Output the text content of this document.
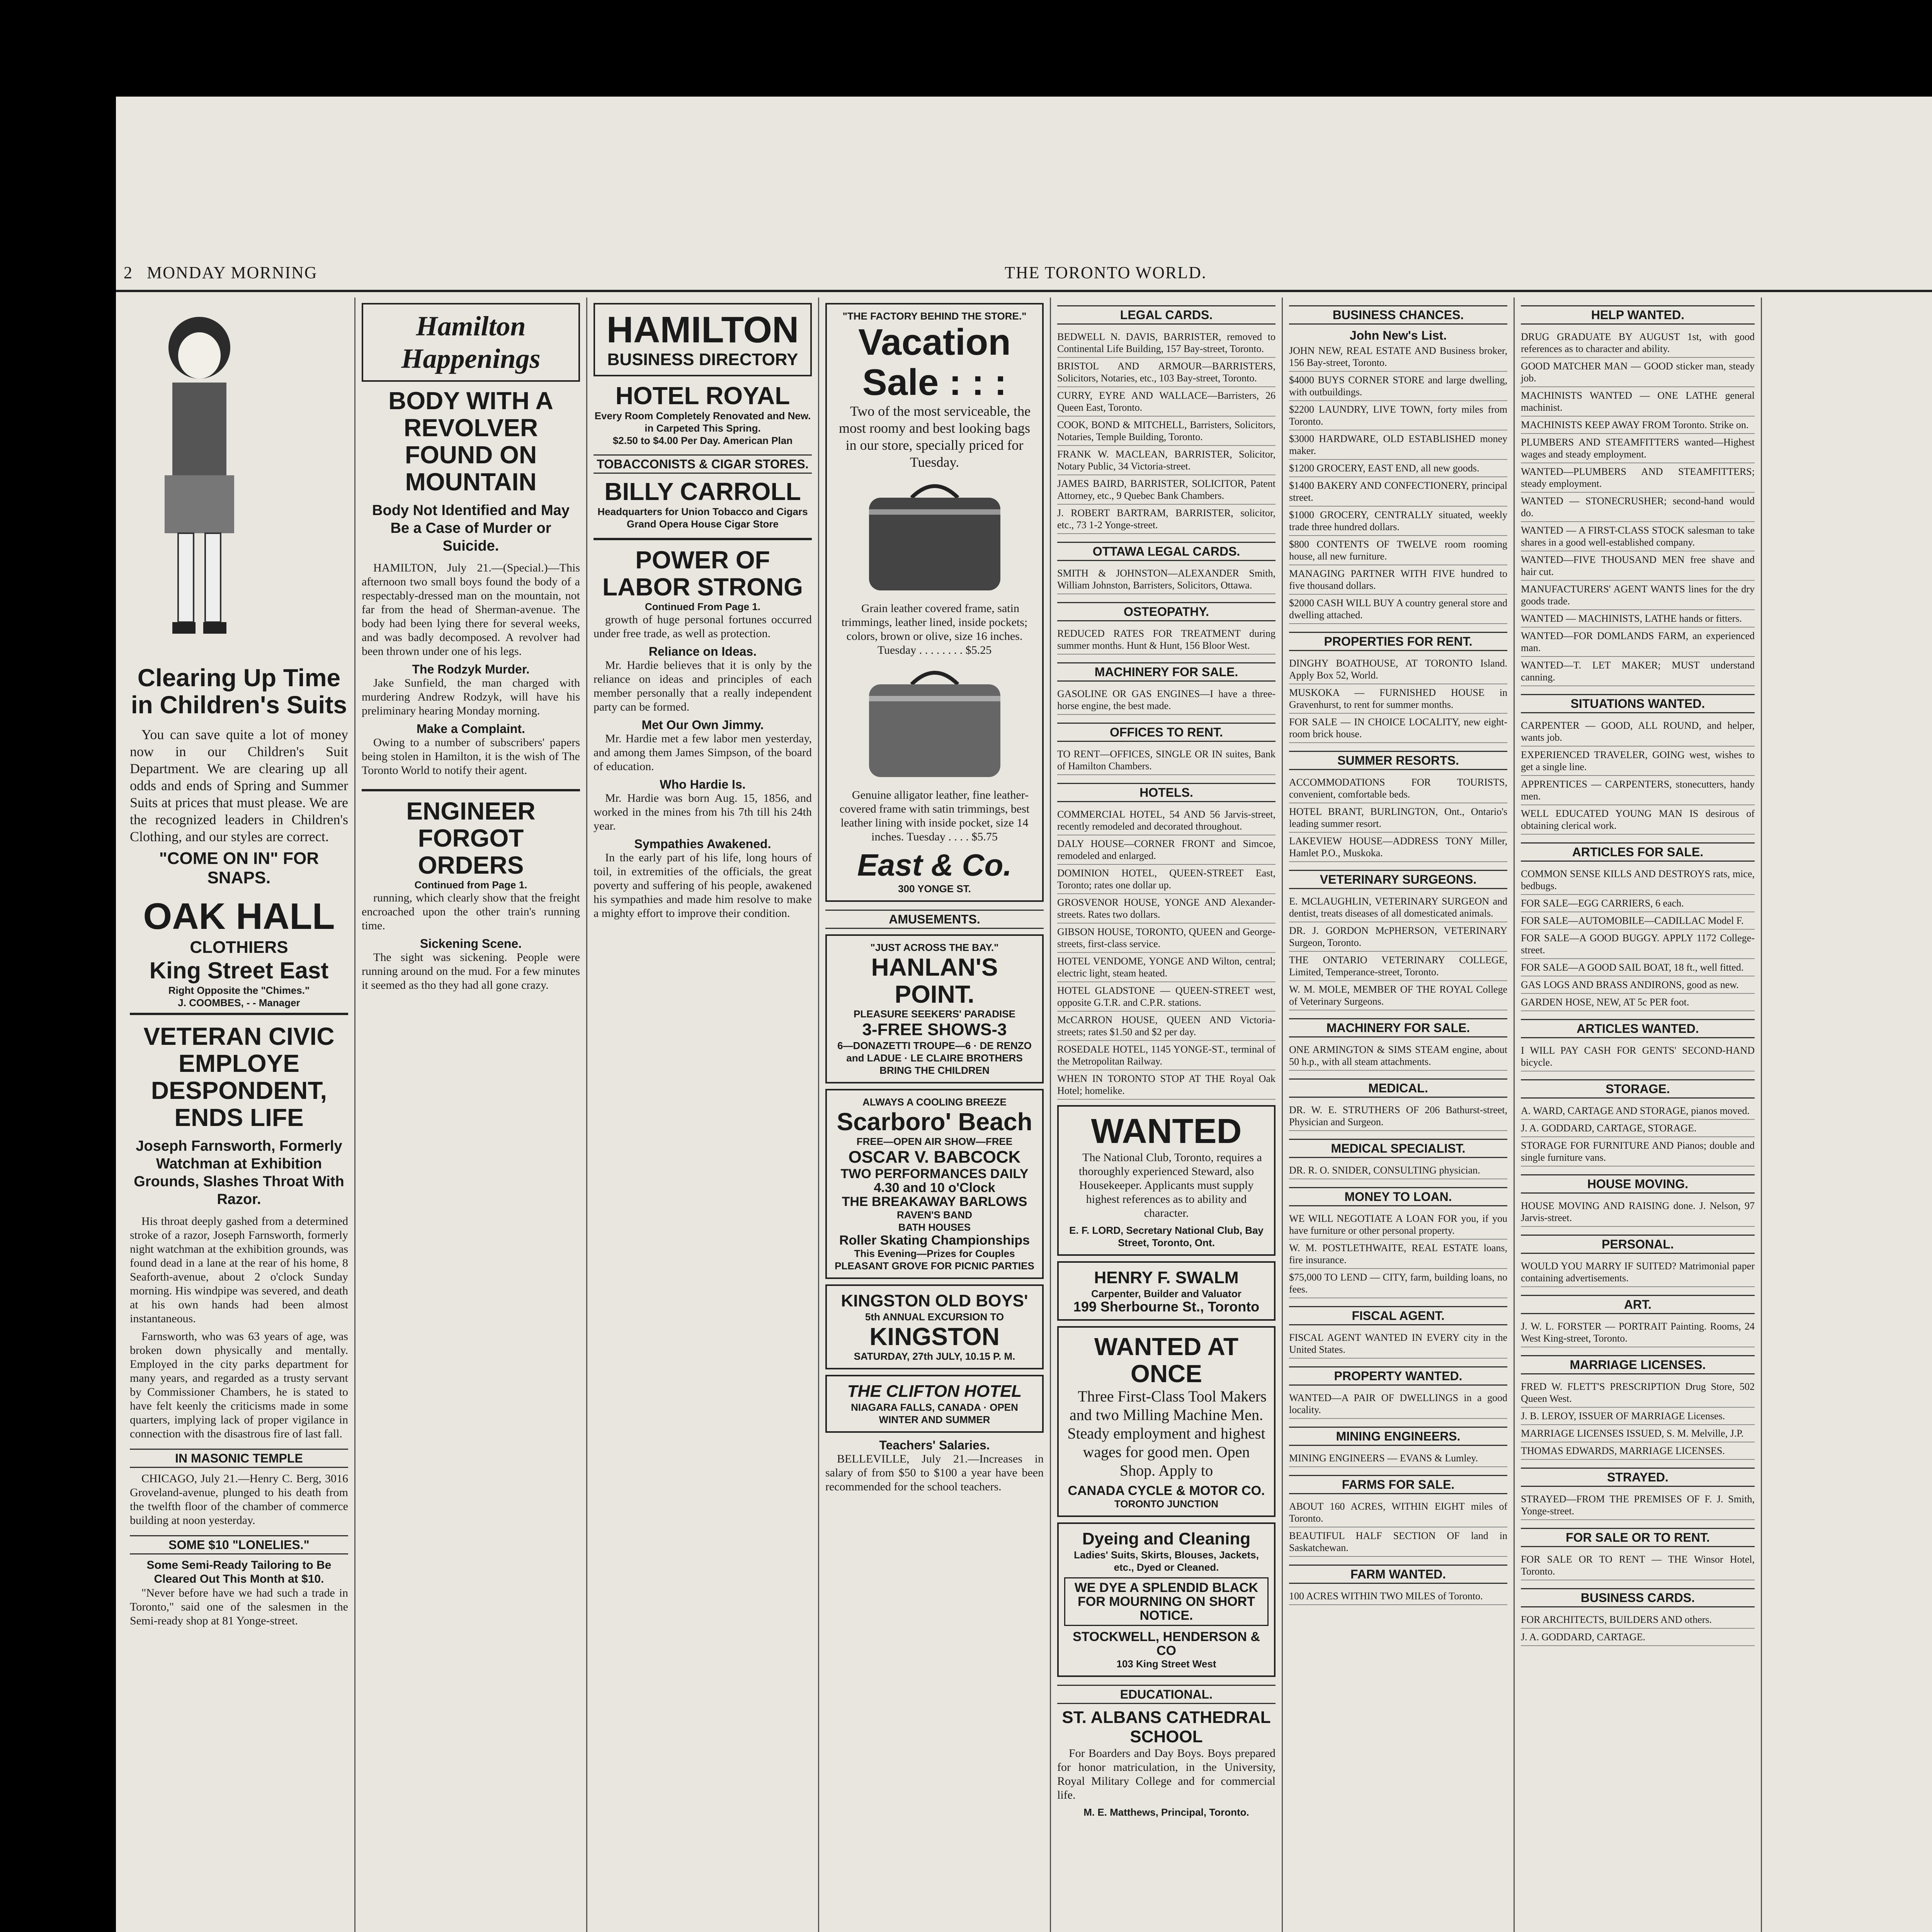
2 MONDAY MORNING	THE TORONTO WORLD.
Clearing Up Time in Children's Suits

You can save quite a lot of money now in our Children's Suit Department. We are clearing up all odds and ends of Spring and Summer Suits at prices that must please. We are the recognized leaders in Children's Clothing, and our styles are correct.

"COME ON IN" FOR SNAPS.
OAK HALL
CLOTHIERS
King Street East
Right Opposite the "Chimes."
J. COOMBES, - - Manager
VETERAN CIVIC EMPLOYE DESPONDENT, ENDS LIFE
Joseph Farnsworth, Formerly Watchman at Exhibition Grounds, Slashes Throat With Razor.

His throat deeply gashed from a determined stroke of a razor, Joseph Farnsworth, formerly night watchman at the exhibition grounds, was found dead in a lane at the rear of his home, 8 Seaforth-avenue, about 2 o'clock Sunday morning. His windpipe was severed, and death at his own hands had been almost instantaneous.

Farnsworth, who was 63 years of age, was broken down physically and mentally. Employed in the city parks department for many years, and regarded as a trusty servant by Commissioner Chambers, he is stated to have felt keenly the criticisms made in some quarters, implying lack of proper vigilance in connection with the disastrous fire of last fall.

IN MASONIC TEMPLE

CHICAGO, July 21.—Henry C. Berg, 3016 Groveland-avenue, plunged to his death from the twelfth floor of the chamber of commerce building at noon yesterday.

SOME $10 "LONELIES."
Some Semi-Ready Tailoring to Be Cleared Out This Month at $10.

"Never before have we had such a trade in Toronto," said one of the salesmen in the Semi-ready shop at 81 Yonge-street.

Hamilton Happenings
BODY WITH A REVOLVER FOUND ON MOUNTAIN
Body Not Identified and May Be a Case of Murder or Suicide.

HAMILTON, July 21.—(Special.)—This afternoon two small boys found the body of a respectably-dressed man on the mountain, not far from the head of Sherman-avenue. The body had been lying there for several weeks, and was badly decomposed. A revolver had been thrown under one of his legs.

The Rodzyk Murder.

Jake Sunfield, the man charged with murdering Andrew Rodzyk, will have his preliminary hearing Monday morning.

Make a Complaint.

Owing to a number of subscribers' papers being stolen in Hamilton, it is the wish of The Toronto World to notify their agent.

ENGINEER FORGOT ORDERS
Continued from Page 1.

running, which clearly show that the freight encroached upon the other train's running time.

Sickening Scene.

The sight was sickening. People were running around on the mud. For a few minutes it seemed as tho they had all gone crazy.

HAMILTON
BUSINESS DIRECTORY
HOTEL ROYAL
Every Room Completely Renovated and New. in Carpeted This Spring.
$2.50 to $4.00 Per Day. American Plan
TOBACCONISTS & CIGAR STORES.
BILLY CARROLL
Headquarters for Union Tobacco and Cigars Grand Opera House Cigar Store
POWER OF LABOR STRONG
Continued From Page 1.

growth of huge personal fortunes occurred under free trade, as well as protection.

Reliance on Ideas.

Mr. Hardie believes that it is only by the reliance on ideas and principles of each member personally that a really independent party can be formed.

Met Our Own Jimmy.

Mr. Hardie met a few labor men yesterday, and among them James Simpson, of the board of education.

Who Hardie Is.

Mr. Hardie was born Aug. 15, 1856, and worked in the mines from his 7th till his 24th year.

Sympathies Awakened.

In the early part of his life, long hours of toil, in extremities of the officials, the great poverty and suffering of his people, awakened his sympathies and made him resolve to make a mighty effort to improve their condition.

"THE FACTORY BEHIND THE STORE."
Vacation Sale : : :

Two of the most serviceable, the most roomy and best looking bags in our store, specially priced for Tuesday.

Grain leather covered frame, satin trimmings, leather lined, inside pockets; colors, brown or olive, size 16 inches. Tuesday . . . . . . . . $5.25

Genuine alligator leather, fine leather-covered frame with satin trimmings, best leather lining with inside pocket, size 14 inches. Tuesday . . . . $5.75

East & Co.
300 YONGE ST.
AMUSEMENTS.
"JUST ACROSS THE BAY."
HANLAN'S POINT.
PLEASURE SEEKERS' PARADISE
3-FREE SHOWS-3
6—DONAZETTI TROUPE—6 · DE RENZO and LADUE · LE CLAIRE BROTHERS
BRING THE CHILDREN
ALWAYS A COOLING BREEZE
Scarboro' Beach
FREE—OPEN AIR SHOW—FREE
OSCAR V. BABCOCK
TWO PERFORMANCES DAILY
4.30 and 10 o'Clock
THE BREAKAWAY BARLOWS
RAVEN'S BAND
BATH HOUSES
Roller Skating Championships
This Evening—Prizes for Couples
PLEASANT GROVE FOR PICNIC PARTIES
KINGSTON OLD BOYS'
5th ANNUAL EXCURSION TO
KINGSTON
SATURDAY, 27th JULY, 10.15 P. M.
THE CLIFTON HOTEL
NIAGARA FALLS, CANADA · OPEN WINTER AND SUMMER
Teachers' Salaries.

BELLEVILLE, July 21.—Increases in salary of from $50 to $100 a year have been recommended for the school teachers.

LEGAL CARDS.
BEDWELL N. DAVIS, BARRISTER, removed to Continental Life Building, 157 Bay-street, Toronto.
BRISTOL AND ARMOUR—BARRISTERS, Solicitors, Notaries, etc., 103 Bay-street, Toronto.
CURRY, EYRE AND WALLACE—Barristers, 26 Queen East, Toronto.
COOK, BOND & MITCHELL, Barristers, Solicitors, Notaries, Temple Building, Toronto.
FRANK W. MACLEAN, BARRISTER, Solicitor, Notary Public, 34 Victoria-street.
JAMES BAIRD, BARRISTER, SOLICITOR, Patent Attorney, etc., 9 Quebec Bank Chambers.
J. ROBERT BARTRAM, BARRISTER, solicitor, etc., 73 1-2 Yonge-street.
OTTAWA LEGAL CARDS.
SMITH & JOHNSTON—ALEXANDER Smith, William Johnston, Barristers, Solicitors, Ottawa.
OSTEOPATHY.
REDUCED RATES FOR TREATMENT during summer months. Hunt & Hunt, 156 Bloor West.
MACHINERY FOR SALE.
GASOLINE OR GAS ENGINES—I have a three-horse engine, the best made.
OFFICES TO RENT.
TO RENT—OFFICES, SINGLE OR IN suites, Bank of Hamilton Chambers.
HOTELS.
COMMERCIAL HOTEL, 54 AND 56 Jarvis-street, recently remodeled and decorated throughout.
DALY HOUSE—CORNER FRONT and Simcoe, remodeled and enlarged.
DOMINION HOTEL, QUEEN-STREET East, Toronto; rates one dollar up.
GROSVENOR HOUSE, YONGE AND Alexander-streets. Rates two dollars.
GIBSON HOUSE, TORONTO, QUEEN and George-streets, first-class service.
HOTEL VENDOME, YONGE AND Wilton, central; electric light, steam heated.
HOTEL GLADSTONE — QUEEN-STREET west, opposite G.T.R. and C.P.R. stations.
McCARRON HOUSE, QUEEN AND Victoria-streets; rates $1.50 and $2 per day.
ROSEDALE HOTEL, 1145 YONGE-ST., terminal of the Metropolitan Railway.
WHEN IN TORONTO STOP AT THE Royal Oak Hotel; homelike.
WANTED

The National Club, Toronto, requires a thoroughly experienced Steward, also Housekeeper. Applicants must supply highest references as to ability and character.

E. F. LORD, Secretary National Club, Bay Street, Toronto, Ont.
HENRY F. SWALM
Carpenter, Builder and Valuator
199 Sherbourne St., Toronto
WANTED AT ONCE

Three First-Class Tool Makers and two Milling Machine Men. Steady employment and highest wages for good men. Open Shop. Apply to

CANADA CYCLE & MOTOR CO.
TORONTO JUNCTION
Dyeing and Cleaning
Ladies' Suits, Skirts, Blouses, Jackets, etc., Dyed or Cleaned.
WE DYE A SPLENDID BLACK FOR MOURNING ON SHORT NOTICE.
STOCKWELL, HENDERSON & CO
103 King Street West
EDUCATIONAL.
ST. ALBANS CATHEDRAL SCHOOL

For Boarders and Day Boys. Boys prepared for honor matriculation, in the University, Royal Military College and for commercial life.

M. E. Matthews, Principal, Toronto.
BUSINESS CHANCES.
John New's List.
JOHN NEW, REAL ESTATE AND Business broker, 156 Bay-street, Toronto.
$4000 BUYS CORNER STORE and large dwelling, with outbuildings.
$2200 LAUNDRY, LIVE TOWN, forty miles from Toronto.
$3000 HARDWARE, OLD ESTABLISHED money maker.
$1200 GROCERY, EAST END, all new goods.
$1400 BAKERY AND CONFECTIONERY, principal street.
$1000 GROCERY, CENTRALLY situated, weekly trade three hundred dollars.
$800 CONTENTS OF TWELVE room rooming house, all new furniture.
MANAGING PARTNER WITH FIVE hundred to five thousand dollars.
$2000 CASH WILL BUY A country general store and dwelling attached.
PROPERTIES FOR RENT.
DINGHY BOATHOUSE, AT TORONTO Island. Apply Box 52, World.
MUSKOKA — FURNISHED HOUSE in Gravenhurst, to rent for summer months.
FOR SALE — IN CHOICE LOCALITY, new eight-room brick house.
SUMMER RESORTS.
ACCOMMODATIONS FOR TOURISTS, convenient, comfortable beds.
HOTEL BRANT, BURLINGTON, Ont., Ontario's leading summer resort.
LAKEVIEW HOUSE—ADDRESS TONY Miller, Hamlet P.O., Muskoka.
VETERINARY SURGEONS.
E. MCLAUGHLIN, VETERINARY SURGEON and dentist, treats diseases of all domesticated animals.
DR. J. GORDON McPHERSON, VETERINARY Surgeon, Toronto.
THE ONTARIO VETERINARY COLLEGE, Limited, Temperance-street, Toronto.
W. M. MOLE, MEMBER OF THE ROYAL College of Veterinary Surgeons.
MACHINERY FOR SALE.
ONE ARMINGTON & SIMS STEAM engine, about 50 h.p., with all steam attachments.
MEDICAL.
DR. W. E. STRUTHERS OF 206 Bathurst-street, Physician and Surgeon.
MEDICAL SPECIALIST.
DR. R. O. SNIDER, CONSULTING physician.
MONEY TO LOAN.
WE WILL NEGOTIATE A LOAN FOR you, if you have furniture or other personal property.
W. M. POSTLETHWAITE, REAL ESTATE loans, fire insurance.
$75,000 TO LEND — CITY, farm, building loans, no fees.
FISCAL AGENT.
FISCAL AGENT WANTED IN EVERY city in the United States.
PROPERTY WANTED.
WANTED—A PAIR OF DWELLINGS in a good locality.
MINING ENGINEERS.
MINING ENGINEERS — EVANS & Lumley.
FARMS FOR SALE.
ABOUT 160 ACRES, WITHIN EIGHT miles of Toronto.
BEAUTIFUL HALF SECTION OF land in Saskatchewan.
FARM WANTED.
100 ACRES WITHIN TWO MILES of Toronto.
HELP WANTED.
DRUG GRADUATE BY AUGUST 1st, with good references as to character and ability.
GOOD MATCHER MAN — GOOD sticker man, steady job.
MACHINISTS WANTED — ONE LATHE general machinist.
MACHINISTS KEEP AWAY FROM Toronto. Strike on.
PLUMBERS AND STEAMFITTERS wanted—Highest wages and steady employment.
WANTED—PLUMBERS AND STEAMFITTERS; steady employment.
WANTED — STONECRUSHER; second-hand would do.
WANTED — A FIRST-CLASS STOCK salesman to take shares in a good well-established company.
WANTED—FIVE THOUSAND MEN free shave and hair cut.
MANUFACTURERS' AGENT WANTS lines for the dry goods trade.
WANTED — MACHINISTS, LATHE hands or fitters.
WANTED—FOR DOMLANDS FARM, an experienced man.
WANTED—T. LET MAKER; MUST understand canning.
SITUATIONS WANTED.
CARPENTER — GOOD, ALL ROUND, and helper, wants job.
EXPERIENCED TRAVELER, GOING west, wishes to get a single line.
APPRENTICES — CARPENTERS, stonecutters, handy men.
WELL EDUCATED YOUNG MAN IS desirous of obtaining clerical work.
ARTICLES FOR SALE.
COMMON SENSE KILLS AND DESTROYS rats, mice, bedbugs.
FOR SALE—EGG CARRIERS, 6 each.
FOR SALE—AUTOMOBILE—CADILLAC Model F.
FOR SALE—A GOOD BUGGY. APPLY 1172 College-street.
FOR SALE—A GOOD SAIL BOAT, 18 ft., well fitted.
GAS LOGS AND BRASS ANDIRONS, good as new.
GARDEN HOSE, NEW, AT 5c PER foot.
ARTICLES WANTED.
I WILL PAY CASH FOR GENTS' SECOND-HAND bicycle.
STORAGE.
A. WARD, CARTAGE AND STORAGE, pianos moved.
J. A. GODDARD, CARTAGE, STORAGE.
STORAGE FOR FURNITURE AND Pianos; double and single furniture vans.
HOUSE MOVING.
HOUSE MOVING AND RAISING done. J. Nelson, 97 Jarvis-street.
PERSONAL.
WOULD YOU MARRY IF SUITED? Matrimonial paper containing advertisements.
ART.
J. W. L. FORSTER — PORTRAIT Painting. Rooms, 24 West King-street, Toronto.
MARRIAGE LICENSES.
FRED W. FLETT'S PRESCRIPTION Drug Store, 502 Queen West.
J. B. LEROY, ISSUER OF MARRIAGE Licenses.
MARRIAGE LICENSES ISSUED, S. M. Melville, J.P.
THOMAS EDWARDS, MARRIAGE LICENSES.
STRAYED.
STRAYED—FROM THE PREMISES OF F. J. Smith, Yonge-street.
FOR SALE OR TO RENT.
FOR SALE OR TO RENT — THE Winsor Hotel, Toronto.
BUSINESS CARDS.
FOR ARCHITECTS, BUILDERS AND others.
J. A. GODDARD, CARTAGE.
